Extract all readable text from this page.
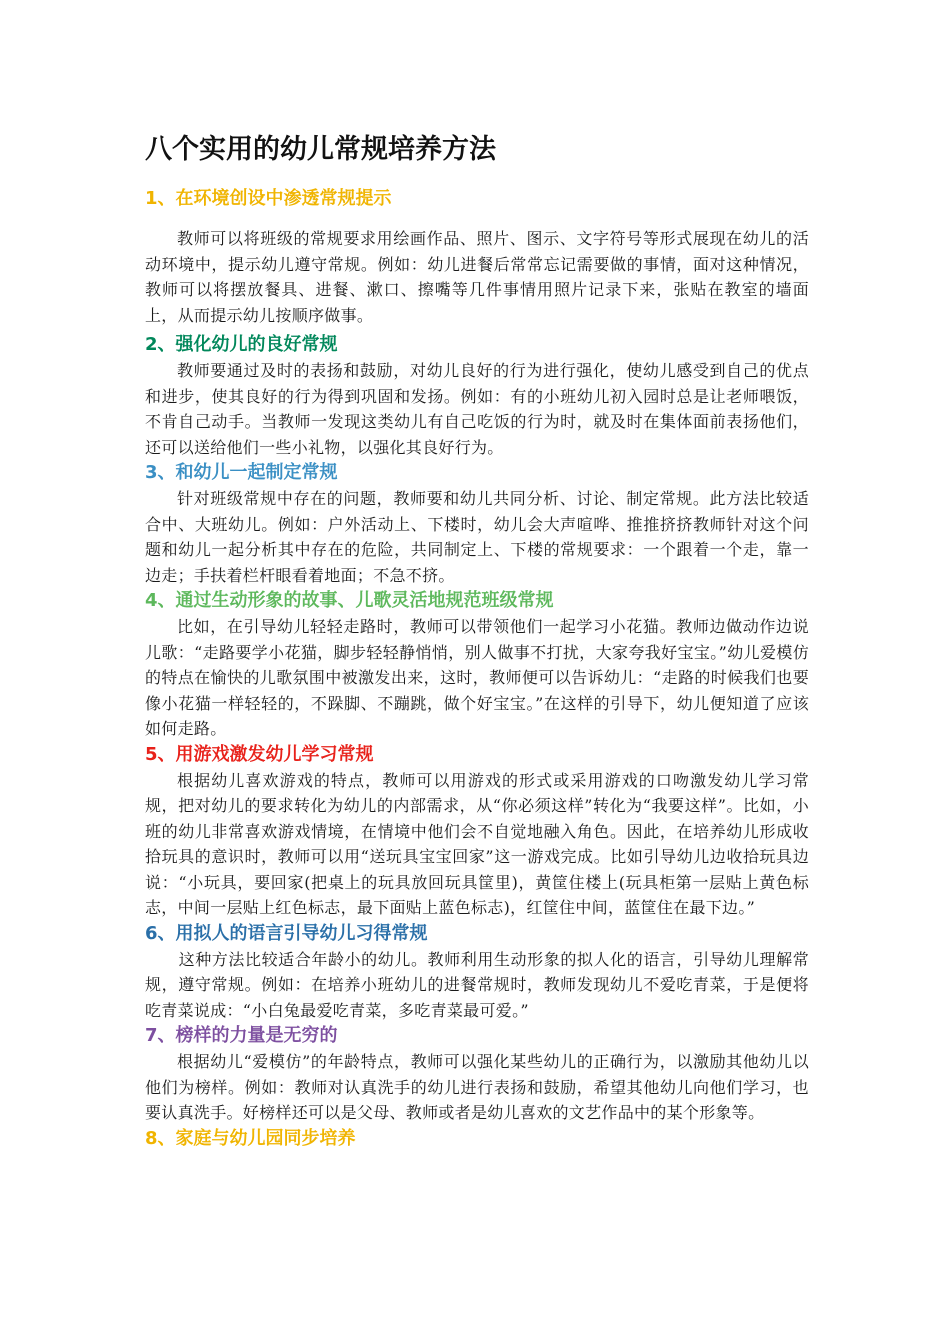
八个实用的幼儿常规培养方法
1、在环境创设中渗透常规提示

教师可以将班级的常规要求用绘画作品、照片、图示、文字符号等形式展现在幼儿的活动环境中，提示幼儿遵守常规。例如：幼儿进餐后常常忘记需要做的事情，面对这种情况，教师可以将摆放餐具、进餐、漱口、擦嘴等几件事情用照片记录下来，张贴在教室的墙面上，从而提示幼儿按顺序做事。

2、强化幼儿的良好常规

教师要通过及时的表扬和鼓励，对幼儿良好的行为进行强化，使幼儿感受到自己的优点和进步，使其良好的行为得到巩固和发扬。例如：有的小班幼儿初入园时总是让老师喂饭，不肯自己动手。当教师一发现这类幼儿有自己吃饭的行为时，就及时在集体面前表扬他们，还可以送给他们一些小礼物，以强化其良好行为。

3、和幼儿一起制定常规

针对班级常规中存在的问题，教师要和幼儿共同分析、讨论、制定常规。此方法比较适合中、大班幼儿。例如：户外活动上、下楼时，幼儿会大声喧哗、推推挤挤教师针对这个问题和幼儿一起分析其中存在的危险，共同制定上、下楼的常规要求：一个跟着一个走，靠一边走；手扶着栏杆眼看着地面；不急不挤。

4、通过生动形象的故事、儿歌灵活地规范班级常规

比如，在引导幼儿轻轻走路时，教师可以带领他们一起学习小花猫。教师边做动作边说儿歌：“走路要学小花猫，脚步轻轻静悄悄，别人做事不打扰，大家夸我好宝宝。”幼儿爱模仿的特点在愉快的儿歌氛围中被激发出来，这时，教师便可以告诉幼儿：“走路的时候我们也要像小花猫一样轻轻的，不跺脚、不蹦跳，做个好宝宝。”在这样的引导下，幼儿便知道了应该如何走路。

5、用游戏激发幼儿学习常规

根据幼儿喜欢游戏的特点，教师可以用游戏的形式或采用游戏的口吻激发幼儿学习常规，把对幼儿的要求转化为幼儿的内部需求，从“你必须这样”转化为“我要这样”。比如，小班的幼儿非常喜欢游戏情境，在情境中他们会不自觉地融入角色。因此，在培养幼儿形成收拾玩具的意识时，教师可以用“送玩具宝宝回家”这一游戏完成。比如引导幼儿边收拾玩具边说：“小玩具，要回家(把桌上的玩具放回玩具筐里)，黄筐住楼上(玩具柜第一层贴上黄色标志，中间一层贴上红色标志，最下面贴上蓝色标志)，红筐住中间，蓝筐住在最下边。”

6、用拟人的语言引导幼儿习得常规

这种方法比较适合年龄小的幼儿。教师利用生动形象的拟人化的语言，引导幼儿理解常规，遵守常规。例如：在培养小班幼儿的进餐常规时，教师发现幼儿不爱吃青菜，于是便将吃青菜说成：“小白兔最爱吃青菜，多吃青菜最可爱。”

7、榜样的力量是无穷的

根据幼儿“爱模仿”的年龄特点，教师可以强化某些幼儿的正确行为，以激励其他幼儿以他们为榜样。例如：教师对认真洗手的幼儿进行表扬和鼓励，希望其他幼儿向他们学习，也要认真洗手。好榜样还可以是父母、教师或者是幼儿喜欢的文艺作品中的某个形象等。

8、家庭与幼儿园同步培养
